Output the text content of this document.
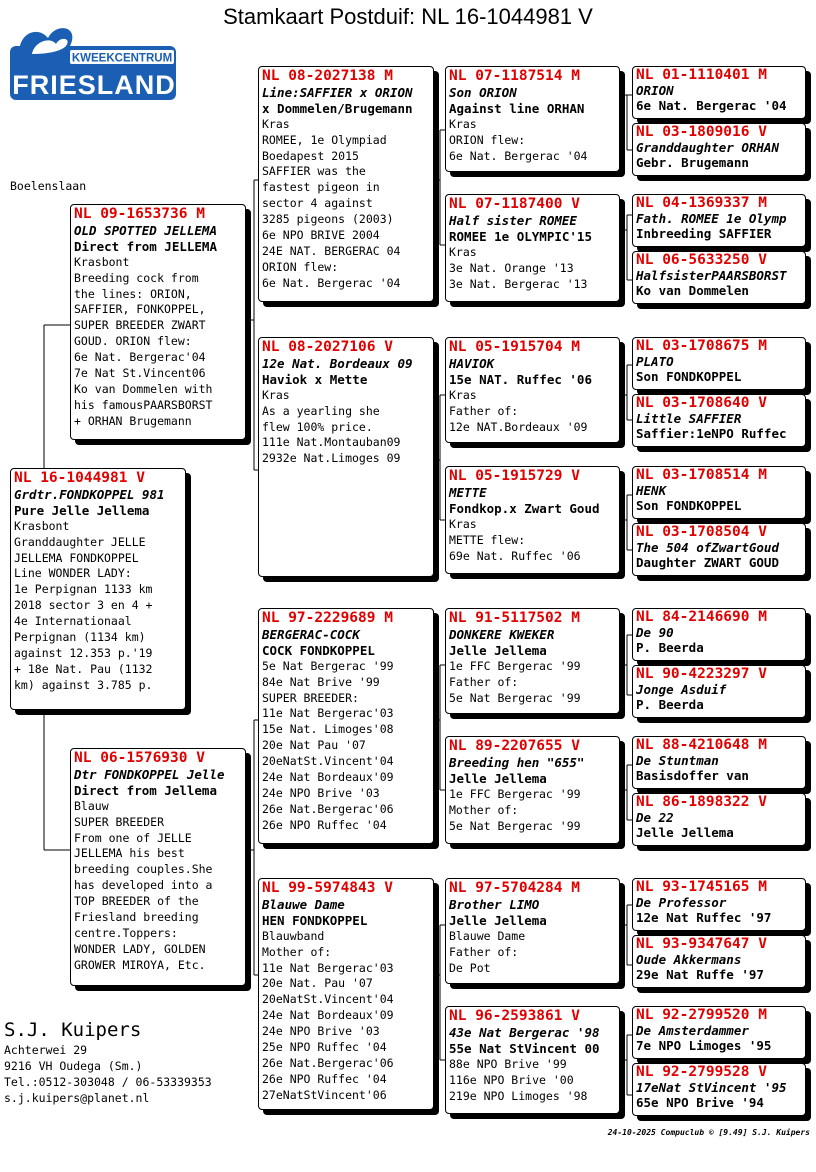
Stamkaart Postduif: NL 16-1044981 V
KWEEKCENTRUM
FRIESLAND
Boelenslaan
NL 16-1044981 V
Grdtr.FONDKOPPEL 981
Pure Jelle Jellema
Krasbont
Granddaughter JELLE
JELLEMA FONDKOPPEL
Line WONDER LADY:
1e Perpignan 1133 km
2018 sector 3 en 4 +
4e Internationaal
Perpignan (1134 km)
against 12.353 p.'19
+ 18e Nat. Pau (1132
km) against 3.785 p.
NL 09-1653736 M
OLD SPOTTED JELLEMA
Direct from JELLEMA
Krasbont
Breeding cock from
the lines: ORION,
SAFFIER, FONKOPPEL,
SUPER BREEDER ZWART
GOUD. ORION flew:
6e Nat. Bergerac'04
7e Nat St.Vincent06
Ko van Dommelen with
his famousPAARSBORST
+ ORHAN Brugemann
NL 06-1576930 V
Dtr FONDKOPPEL Jelle
Direct from Jellema
Blauw
SUPER BREEDER
From one of JELLE
JELLEMA his best
breeding couples.She
has developed into a
TOP BREEDER of the
Friesland breeding
centre.Toppers:
WONDER LADY, GOLDEN
GROWER MIROYA, Etc.
NL 08-2027138 M
Line:SAFFIER x ORION
x Dommelen/Brugemann
Kras
ROMEE, 1e Olympiad
Boedapest 2015
SAFFIER was the
fastest pigeon in
sector 4 against
3285 pigeons (2003)
6e NPO BRIVE 2004
24E NAT. BERGERAC 04
ORION flew:
6e Nat. Bergerac '04
NL 08-2027106 V
12e Nat. Bordeaux 09
Haviok x Mette
Kras
As a yearling she
flew 100% price.
111e Nat.Montauban09
2932e Nat.Limoges 09
NL 97-2229689 M
BERGERAC-COCK
COCK FONDKOPPEL
5e Nat Bergerac '99
84e Nat Brive '99
SUPER BREEDER:
11e Nat Bergerac'03
15e Nat. Limoges'08
20e Nat Pau '07
20eNatSt.Vincent'04
24e Nat Bordeaux'09
24e NPO Brive '03
26e Nat.Bergerac'06
26e NPO Ruffec '04
NL 99-5974843 V
Blauwe Dame
HEN FONDKOPPEL
Blauwband
Mother of:
11e Nat Bergerac'03
20e Nat. Pau '07
20eNatSt.Vincent'04
24e Nat Bordeaux'09
24e NPO Brive '03
25e NPO Ruffec '04
26e Nat.Bergerac'06
26e NPO Ruffec '04
27eNatStVincent'06
NL 07-1187514 M
Son ORION
Against line ORHAN
Kras
ORION flew:
6e Nat. Bergerac '04
NL 07-1187400 V
Half sister ROMEE
ROMEE 1e OLYMPIC'15
Kras
3e Nat. Orange '13
3e Nat. Bergerac '13
NL 05-1915704 M
HAVIOK
15e NAT. Ruffec '06
Kras
Father of:
12e NAT.Bordeaux '09
NL 05-1915729 V
METTE
Fondkop.x Zwart Goud
Kras
METTE flew:
69e Nat. Ruffec '06
NL 91-5117502 M
DONKERE KWEKER
Jelle Jellema
1e FFC Bergerac '99
Father of:
5e Nat Bergerac '99
NL 89-2207655 V
Breeding hen "655"
Jelle Jellema
1e FFC Bergerac '99
Mother of:
5e Nat Bergerac '99
NL 97-5704284 M
Brother LIMO
Jelle Jellema
Blauwe Dame
Father of:
De Pot
NL 96-2593861 V
43e Nat Bergerac '98
55e Nat StVincent 00
88e NPO Brive '99
116e NPO Brive '00
219e NPO Limoges '98
NL 01-1110401 M
ORION
6e Nat. Bergerac '04
NL 03-1809016 V
Granddaughter ORHAN
Gebr. Brugemann
NL 04-1369337 M
Fath. ROMEE 1e Olymp
Inbreeding SAFFIER
NL 06-5633250 V
HalfsisterPAARSBORST
Ko van Dommelen
NL 03-1708675 M
PLATO
Son FONDKOPPEL
NL 03-1708640 V
Little SAFFIER
Saffier:1eNPO Ruffec
NL 03-1708514 M
HENK
Son FONDKOPPEL
NL 03-1708504 V
The 504 ofZwartGoud
Daughter ZWART GOUD
NL 84-2146690 M
De 90
P. Beerda
NL 90-4223297 V
Jonge Asduif
P. Beerda
NL 88-4210648 M
De Stuntman
Basisdoffer van
NL 86-1898322 V
De 22
Jelle Jellema
NL 93-1745165 M
De Professor
12e Nat Ruffec '97
NL 93-9347647 V
Oude Akkermans
29e Nat Ruffe '97
NL 92-2799520 M
De Amsterdammer
7e NPO Limoges '95
NL 92-2799528 V
17eNat StVincent '95
65e NPO Brive '94
S.J. Kuipers
Achterwei 29
9216 VH Oudega (Sm.)
Tel.:0512-303048 / 06-53339353
s.j.kuipers@planet.nl
24-10-2025 Compuclub © [9.49] S.J. Kuipers
